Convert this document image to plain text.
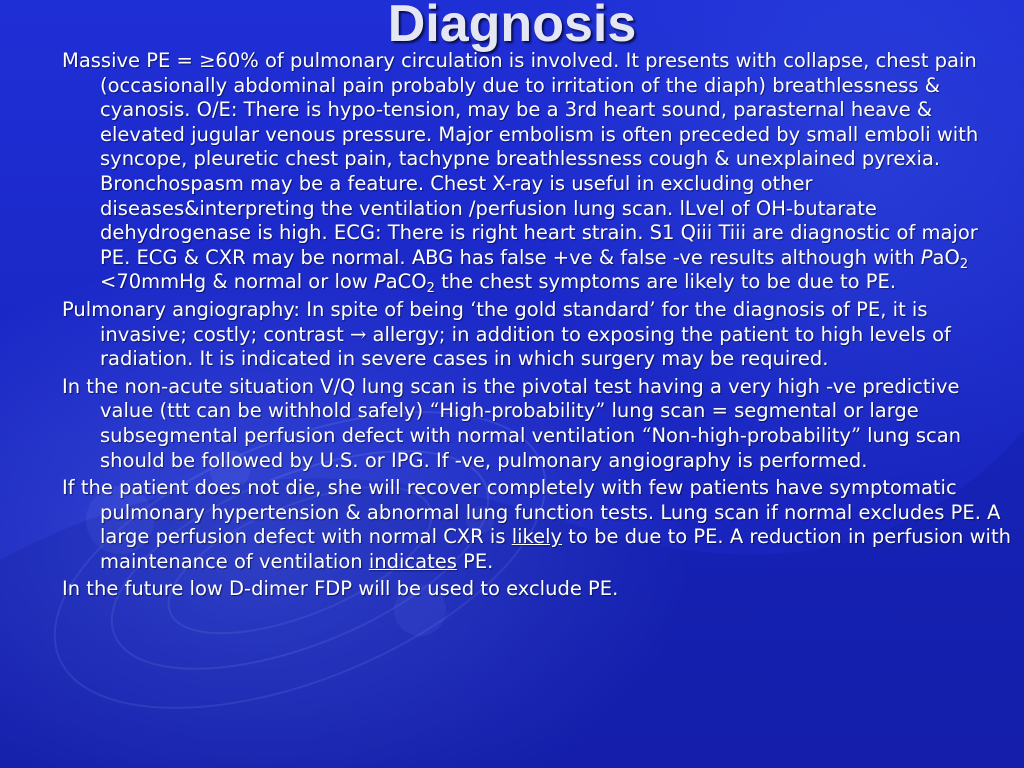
Diagnosis

Massive PE = ≥60% of pulmonary circulation is involved. It presents with collapse, chest pain (occasionally abdominal pain probably due to irritation of the diaph) breathlessness & cyanosis. O/E: There is hypo-tension, may be a 3rd heart sound, parasternal heave & elevated jugular venous pressure. Major embolism is often preceded by small emboli with syncope, pleuretic chest pain, tachypne breathlessness cough & unexplained pyrexia. Bronchospasm may be a feature. Chest X-ray is useful in excluding other diseases&interpreting the ventilation /perfusion lung scan. lLvel of OH-butarate dehydrogenase is high. ECG: There is right heart strain. S1 Qiii Tiii are diagnostic of major PE. ECG & CXR may be normal. ABG has false +ve & false -ve results although with PaO$_2$ <70mmHg & normal or low PaCO$_2$ the chest symptoms are likely to be due to PE.

Pulmonary angiography: In spite of being ‘the gold standard’ for the diagnosis of PE, it is invasive; costly; contrast → allergy; in addition to exposing the patient to high levels of radiation. It is indicated in severe cases in which surgery may be required.

In the non-acute situation V/Q lung scan is the pivotal test having a very high -ve predictive value (ttt can be withhold safely) “High-probability” lung scan = segmental or large subsegmental perfusion defect with normal ventilation “Non-high-probability” lung scan should be followed by U.S. or IPG. If -ve, pulmonary angiography is performed.

If the patient does not die, she will recover completely with few patients have symptomatic pulmonary hypertension & abnormal lung function tests. Lung scan if normal excludes PE. A large perfusion defect with normal CXR is likely to be due to PE. A reduction in perfusion with maintenance of ventilation indicates PE.

In the future low D-dimer FDP will be used to exclude PE.
